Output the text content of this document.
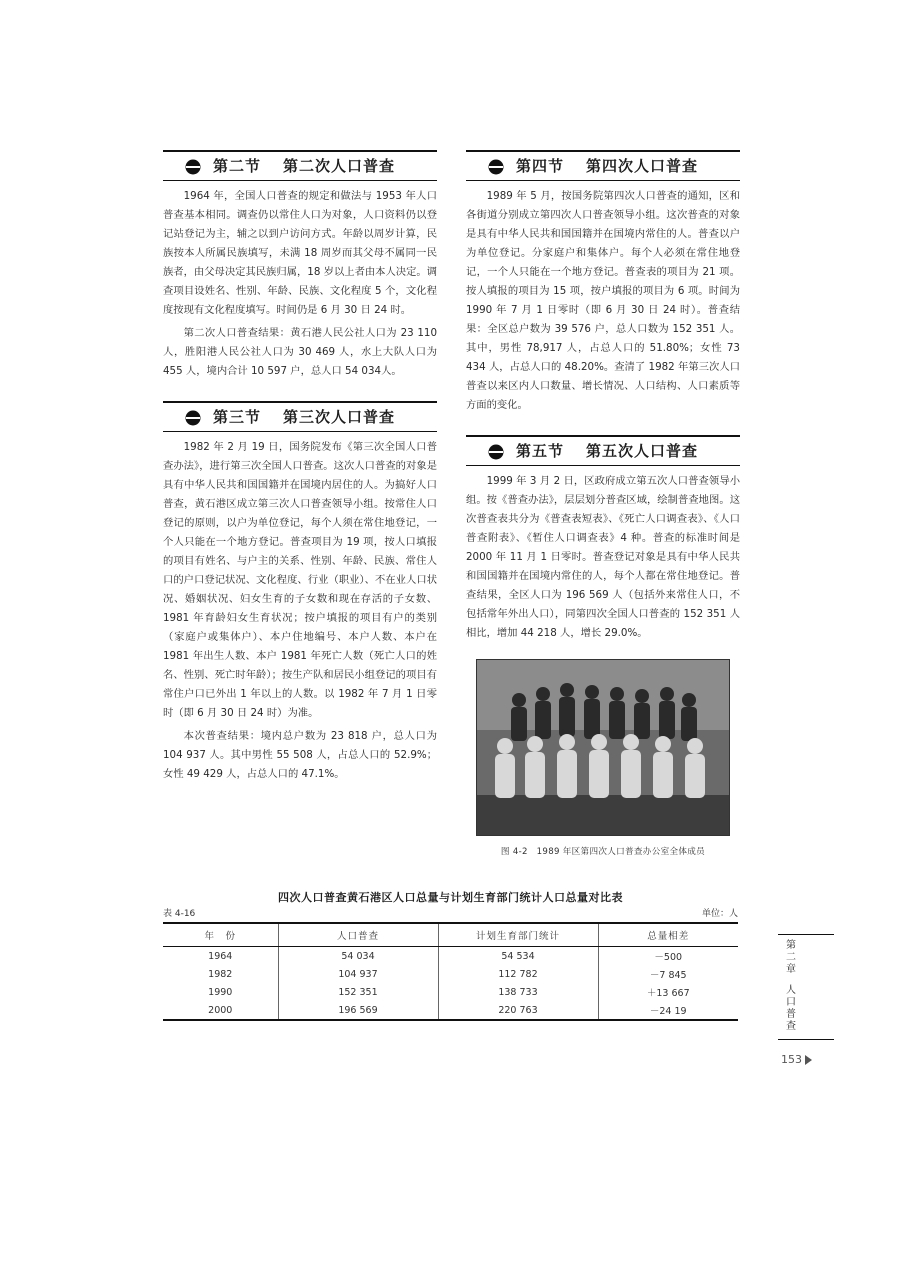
第二节 第二次人口普查

1964 年，全国人口普查的规定和做法与 1953 年人口普查基本相同。调查仍以常住人口为对象，人口资料仍以登记站登记为主，辅之以到户访问方式。年龄以周岁计算，民族按本人所属民族填写，未满 18 周岁而其父母不属同一民族者，由父母决定其民族归属，18 岁以上者由本人决定。调查项目设姓名、性别、年龄、民族、文化程度 5 个，文化程度按现有文化程度填写。时间仍是 6 月 30 日 24 时。

第二次人口普查结果：黄石港人民公社人口为 23 110 人，胜阳港人民公社人口为 30 469 人，水上大队人口为 455 人，境内合计 10 597 户，总人口 54 034人。

第三节 第三次人口普查

1982 年 2 月 19 日，国务院发布《第三次全国人口普查办法》，进行第三次全国人口普查。这次人口普查的对象是具有中华人民共和国国籍并在国境内居住的人。为搞好人口普查，黄石港区成立第三次人口普查领导小组。按常住人口登记的原则，以户为单位登记，每个人须在常住地登记，一个人只能在一个地方登记。普查项目为 19 项，按人口填报的项目有姓名、与户主的关系、性别、年龄、民族、常住人口的户口登记状况、文化程度、行业（职业）、不在业人口状况、婚姻状况、妇女生育的子女数和现在存活的子女数、1981 年育龄妇女生育状况；按户填报的项目有户的类别（家庭户或集体户）、本户住地编号、本户人数、本户在 1981 年出生人数、本户 1981 年死亡人数（死亡人口的姓名、性别、死亡时年龄）；按生产队和居民小组登记的项目有常住户口已外出 1 年以上的人数。以 1982 年 7 月 1 日零时（即 6 月 30 日 24 时）为准。

本次普查结果：境内总户数为 23 818 户，总人口为 104 937 人。其中男性 55 508 人，占总人口的 52.9%；女性 49 429 人，占总人口的 47.1%。

第四节 第四次人口普查

1989 年 5 月，按国务院第四次人口普查的通知，区和各街道分别成立第四次人口普查领导小组。这次普查的对象是具有中华人民共和国国籍并在国境内常住的人。普查以户为单位登记。分家庭户和集体户。每个人必须在常住地登记，一个人只能在一个地方登记。普查表的项目为 21 项。按人填报的项目为 15 项，按户填报的项目为 6 项。时间为 1990 年 7 月 1 日零时（即 6 月 30 日 24 时）。普查结果：全区总户数为 39 576 户，总人口数为 152 351 人。其中，男性 78,917 人，占总人口的 51.80%；女性 73 434 人，占总人口的 48.20%。查清了 1982 年第三次人口普查以来区内人口数量、增长情况、人口结构、人口素质等方面的变化。

第五节 第五次人口普查

1999 年 3 月 2 日，区政府成立第五次人口普查领导小组。按《普查办法》，层层划分普查区域，绘制普查地图。这次普查表共分为《普查表短表》、《死亡人口调查表》、《人口普查附表》、《暂住人口调查表》4 种。普查的标准时间是 2000 年 11 月 1 日零时。普查登记对象是具有中华人民共和国国籍并在国境内常住的人，每个人都在常住地登记。普查结果，全区人口为 196 569 人（包括外来常住人口，不包括常年外出人口），同第四次全国人口普查的 152 351 人相比，增加 44 218 人，增长 29.0%。

图 4-2　1989 年区第四次人口普查办公室全体成员
四次人口普查黄石港区人口总量与计划生育部门统计人口总量对比表
表 4-16	单位：人
年　份	人口普查	计划生育部门统计	总量相差
1964	54 034	54 534	－500
1982	104 937	112 782	－7 845
1990	152 351	138 733	＋13 667
2000	196 569	220 763	－24 19
第二章
人口普查
153
